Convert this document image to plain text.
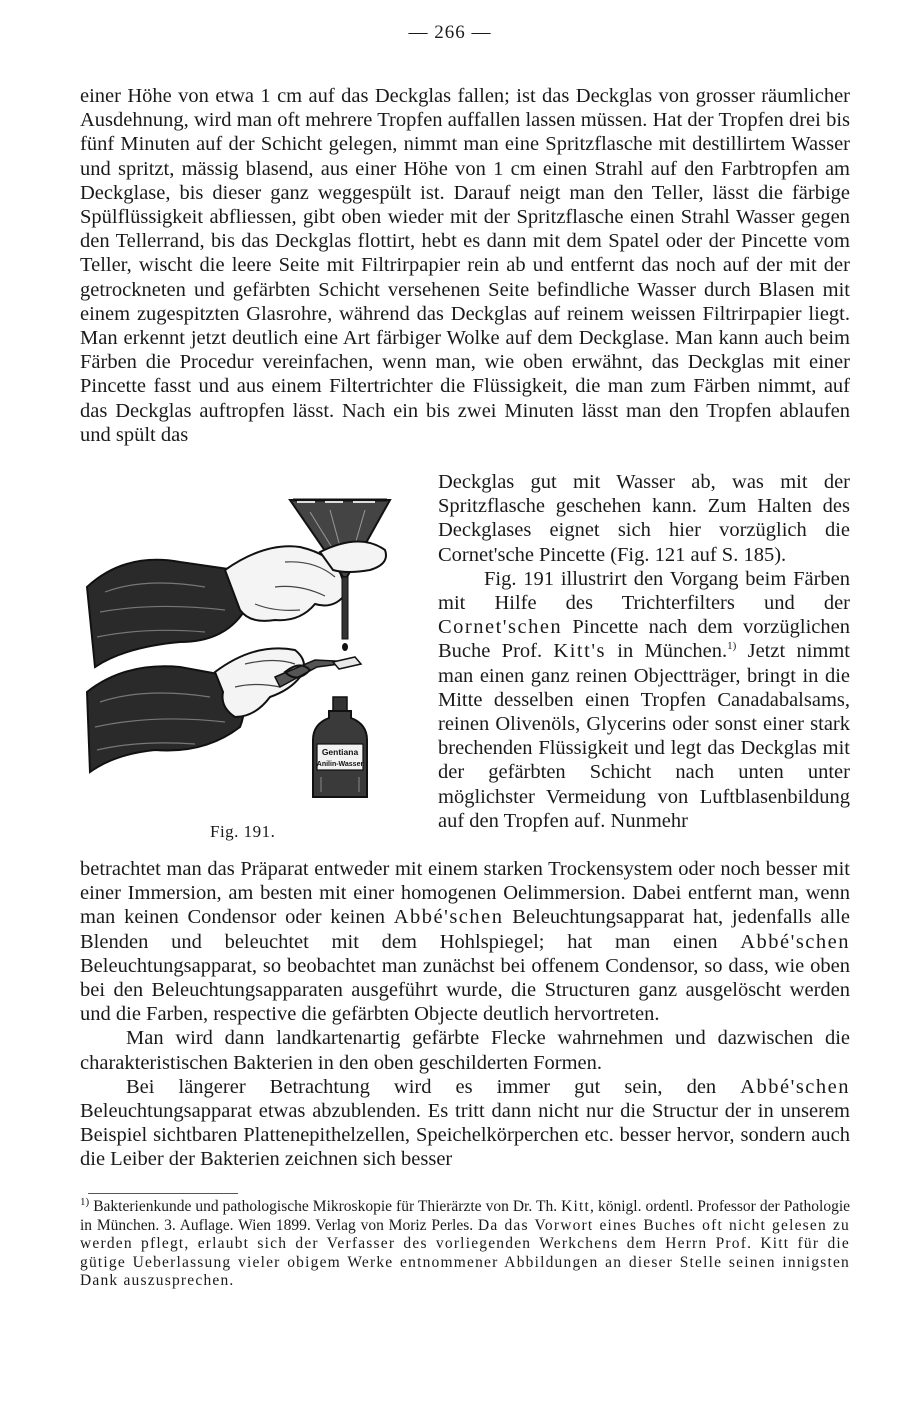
— 266 —

einer Höhe von etwa 1 cm auf das Deckglas fallen; ist das Deckglas von grosser räumlicher Ausdehnung, wird man oft mehrere Tropfen auffallen lassen müssen. Hat der Tropfen drei bis fünf Minuten auf der Schicht gelegen, nimmt man eine Spritzflasche mit destillirtem Wasser und spritzt, mässig blasend, aus einer Höhe von 1 cm einen Strahl auf den Farbtropfen am Deckglase, bis dieser ganz weggespült ist. Darauf neigt man den Teller, lässt die färbige Spülflüssigkeit abfliessen, gibt oben wieder mit der Spritzflasche einen Strahl Wasser gegen den Tellerrand, bis das Deckglas flottirt, hebt es dann mit dem Spatel oder der Pincette vom Teller, wischt die leere Seite mit Filtrirpapier rein ab und entfernt das noch auf der mit der getrockneten und gefärbten Schicht versehenen Seite befindliche Wasser durch Blasen mit einem zugespitzten Glasrohre, während das Deckglas auf reinem weissen Filtrirpapier liegt. Man erkennt jetzt deutlich eine Art färbiger Wolke auf dem Deckglase. Man kann auch beim Färben die Procedur vereinfachen, wenn man, wie oben erwähnt, das Deckglas mit einer Pincette fasst und aus einem Filtertrichter die Flüssigkeit, die man zum Färben nimmt, auf das Deckglas auftropfen lässt. Nach ein bis zwei Minuten lässt man den Tropfen ablaufen und spült das

Gentiana
Anilin-Wasser
Fig. 191.

Deckglas gut mit Wasser ab, was mit der Spritzflasche geschehen kann. Zum Halten des Deckglases eignet sich hier vorzüglich die Cornet'sche Pincette (Fig. 121 auf S. 185).

Fig. 191 illustrirt den Vorgang beim Färben mit Hilfe des Trichterfilters und der Cornet'schen Pincette nach dem vorzüglichen Buche Prof. Kitt's in München.$^{1)}$ Jetzt nimmt man einen ganz reinen Objectträger, bringt in die Mitte desselben einen Tropfen Canadabalsams, reinen Olivenöls, Glycerins oder sonst einer stark brechenden Flüssigkeit und legt das Deckglas mit der gefärbten Schicht nach unten unter möglichster Vermeidung von Luftblasenbildung auf den Tropfen auf. Nunmehr

betrachtet man das Präparat entweder mit einem starken Trockensystem oder noch besser mit einer Immersion, am besten mit einer homogenen Oelimmersion. Dabei entfernt man, wenn man keinen Condensor oder keinen Abbé'schen Beleuchtungsapparat hat, jedenfalls alle Blenden und beleuchtet mit dem Hohlspiegel; hat man einen Abbé'schen Beleuchtungsapparat, so beobachtet man zunächst bei offenem Condensor, so dass, wie oben bei den Beleuchtungsapparaten ausgeführt wurde, die Structuren ganz ausgelöscht werden und die Farben, respective die gefärbten Objecte deutlich hervortreten.

Man wird dann landkartenartig gefärbte Flecke wahrnehmen und dazwischen die charakteristischen Bakterien in den oben geschilderten Formen.

Bei längerer Betrachtung wird es immer gut sein, den Abbé'schen Beleuchtungsapparat etwas abzublenden. Es tritt dann nicht nur die Structur der in unserem Beispiel sichtbaren Plattenepithelzellen, Speichelkörperchen etc. besser hervor, sondern auch die Leiber der Bakterien zeichnen sich besser

$^{1)}$ Bakterienkunde und pathologische Mikroskopie für Thierärzte von Dr. Th. Kitt, königl. ordentl. Professor der Pathologie in München. 3. Auflage. Wien 1899. Verlag von Moriz Perles. Da das Vorwort eines Buches oft nicht gelesen zu werden pflegt, erlaubt sich der Verfasser des vorliegenden Werkchens dem Herrn Prof. Kitt für die gütige Ueberlassung vieler obigem Werke entnommener Abbildungen an dieser Stelle seinen innigsten Dank auszusprechen.
